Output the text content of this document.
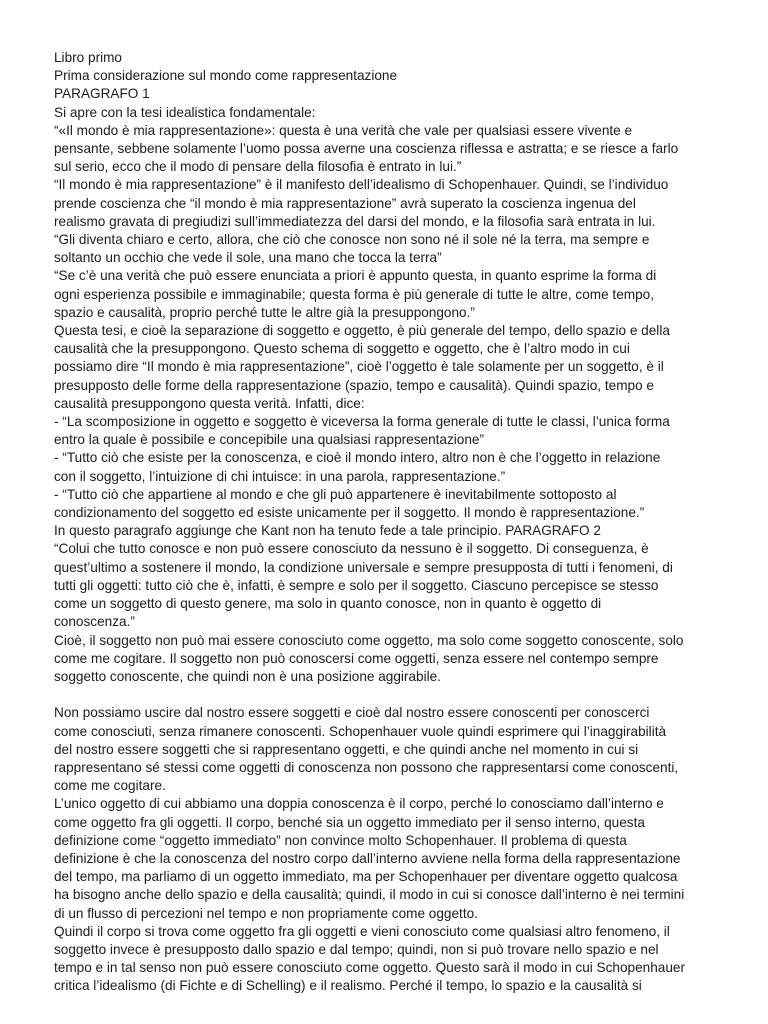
Libro primo
Prima considerazione sul mondo come rappresentazione
PARAGRAFO 1
Si apre con la tesi idealistica fondamentale:
“«Il mondo è mia rappresentazione»: questa è una verità che vale per qualsiasi essere vivente e
pensante, sebbene solamente l’uomo possa averne una coscienza riflessa e astratta; e se riesce a farlo
sul serio, ecco che il modo di pensare della filosofia è entrato in lui.”
“Il mondo è mia rappresentazione” è il manifesto dell’idealismo di Schopenhauer. Quindi, se l’individuo
prende coscienza che “il mondo è mia rappresentazione” avrà superato la coscienza ingenua del
realismo gravata di pregiudizi sull’immediatezza del darsi del mondo, e la filosofia sarà entrata in lui.
“Gli diventa chiaro e certo, allora, che ciò che conosce non sono né il sole né la terra, ma sempre e
soltanto un occhio che vede il sole, una mano che tocca la terra”
“Se c’è una verità che può essere enunciata a priori è appunto questa, in quanto esprime la forma di
ogni esperienza possibile e immaginabile; questa forma è più generale di tutte le altre, come tempo,
spazio e causalità, proprio perché tutte le altre già la presuppongono.”
Questa tesi, e cioè la separazione di soggetto e oggetto, è più generale del tempo, dello spazio e della
causalità che la presuppongono. Questo schema di soggetto e oggetto, che è l’altro modo in cui
possiamo dire “Il mondo è mia rappresentazione”, cioè l’oggetto è tale solamente per un soggetto, è il
presupposto delle forme della rappresentazione (spazio, tempo e causalità). Quindi spazio, tempo e
causalità presuppongono questa verità. Infatti, dice:
- “La scomposizione in oggetto e soggetto è viceversa la forma generale di tutte le classi, l’unica forma
entro la quale è possibile e concepibile una qualsiasi rappresentazione”
- “Tutto ciò che esiste per la conoscenza, e cioè il mondo intero, altro non è che l’oggetto in relazione
con il soggetto, l’intuizione di chi intuisce: in una parola, rappresentazione.”
- “Tutto ciò che appartiene al mondo e che gli può appartenere è inevitabilmente sottoposto al
condizionamento del soggetto ed esiste unicamente per il soggetto. Il mondo è rappresentazione.”
In questo paragrafo aggiunge che Kant non ha tenuto fede a tale principio. PARAGRAFO 2
“Colui che tutto conosce e non può essere conosciuto da nessuno è il soggetto. Di conseguenza, è
quest’ultimo a sostenere il mondo, la condizione universale e sempre presupposta di tutti i fenomeni, di
tutti gli oggetti: tutto ciò che è, infatti, è sempre e solo per il soggetto. Ciascuno percepisce se stesso
come un soggetto di questo genere, ma solo in quanto conosce, non in quanto è oggetto di
conoscenza.”
Cioè, il soggetto non può mai essere conosciuto come oggetto, ma solo come soggetto conoscente, solo
come me cogitare. Il soggetto non può conoscersi come oggetti, senza essere nel contempo sempre
soggetto conoscente, che quindi non è una posizione aggirabile.
Non possiamo uscire dal nostro essere soggetti e cioè dal nostro essere conoscenti per conoscerci
come conosciuti, senza rimanere conoscenti. Schopenhauer vuole quindi esprimere qui l’inaggirabilità
del nostro essere soggetti che si rappresentano oggetti, e che quindi anche nel momento in cui si
rappresentano sé stessi come oggetti di conoscenza non possono che rappresentarsi come conoscenti,
come me cogitare.
L’unico oggetto di cui abbiamo una doppia conoscenza è il corpo, perché lo conosciamo dall’interno e
come oggetto fra gli oggetti. Il corpo, benché sia un oggetto immediato per il senso interno, questa
definizione come “oggetto immediato” non convince molto Schopenhauer. Il problema di questa
definizione è che la conoscenza del nostro corpo dall’interno avviene nella forma della rappresentazione
del tempo, ma parliamo di un oggetto immediato, ma per Schopenhauer per diventare oggetto qualcosa
ha bisogno anche dello spazio e della causalità; quindi, il modo in cui si conosce dall’interno è nei termini
di un flusso di percezioni nel tempo e non propriamente come oggetto.
Quindi il corpo si trova come oggetto fra gli oggetti e vieni conosciuto come qualsiasi altro fenomeno, il
soggetto invece è presupposto dallo spazio e dal tempo; quindi, non si può trovare nello spazio e nel
tempo e in tal senso non può essere conosciuto come oggetto. Questo sarà il modo in cui Schopenhauer
critica l’idealismo (di Fichte e di Schelling) e il realismo. Perché il tempo, lo spazio e la causalità si
